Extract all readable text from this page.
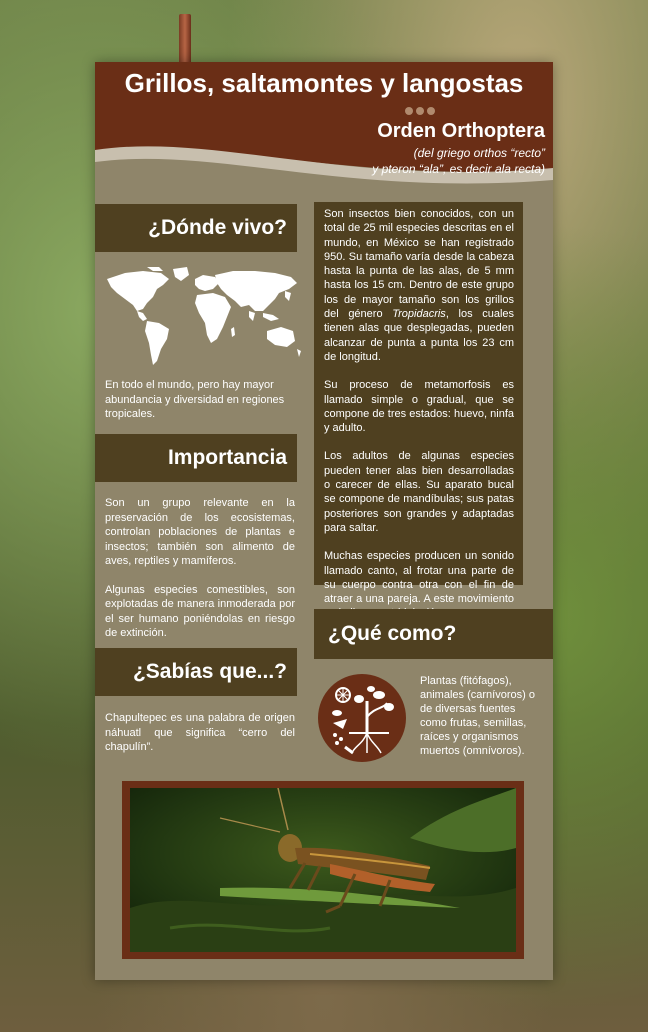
Grillos, saltamontes y langostas
Orden Orthoptera
(del griego orthos “recto”
y pteron “ala”, es decir ala recta)
¿Dónde vivo?
En todo el mundo, pero hay mayor abundancia y diversidad en regiones tropicales.
Importancia

Son un grupo relevante en la preservación de los ecosistemas, controlan poblaciones de plantas e insectos; también son alimento de aves, reptiles y mamíferos.

Algunas especies comestibles, son explotadas de manera inmoderada por el ser humano poniéndolas en riesgo de extinción.

¿Sabías que...?
Chapultepec es una palabra de origen náhuatl que significa “cerro del chapulín”.

Son insectos bien conocidos, con un total de 25 mil especies descritas en el mundo, en México se han registrado 950. Su tamaño varía desde la cabeza hasta la punta de las alas, de 5 mm hasta los 15 cm. Dentro de este grupo los de mayor tamaño son los grillos del género Tropidacris, los cuales tienen alas que desplegadas, pueden alcanzar de punta a punta los 23 cm de longitud.

Su proceso de metamorfosis es llamado simple o gradual, que se compone de tres estados: huevo, ninfa y adulto.

Los adultos de algunas especies pueden tener alas bien desarrolladas o carecer de ellas. Su aparato bucal se compone de mandíbulas; sus patas posteriores son grandes y adaptadas para saltar.

Muchas especies producen un sonido llamado canto, al frotar una parte de su cuerpo contra otra con el fin de atraer a una pareja. A este movimiento

¿Qué como?
Plantas (fitófagos), animales (carnívoros) o de diversas fuentes como frutas, semillas, raíces y organismos muertos (omnívoros).
